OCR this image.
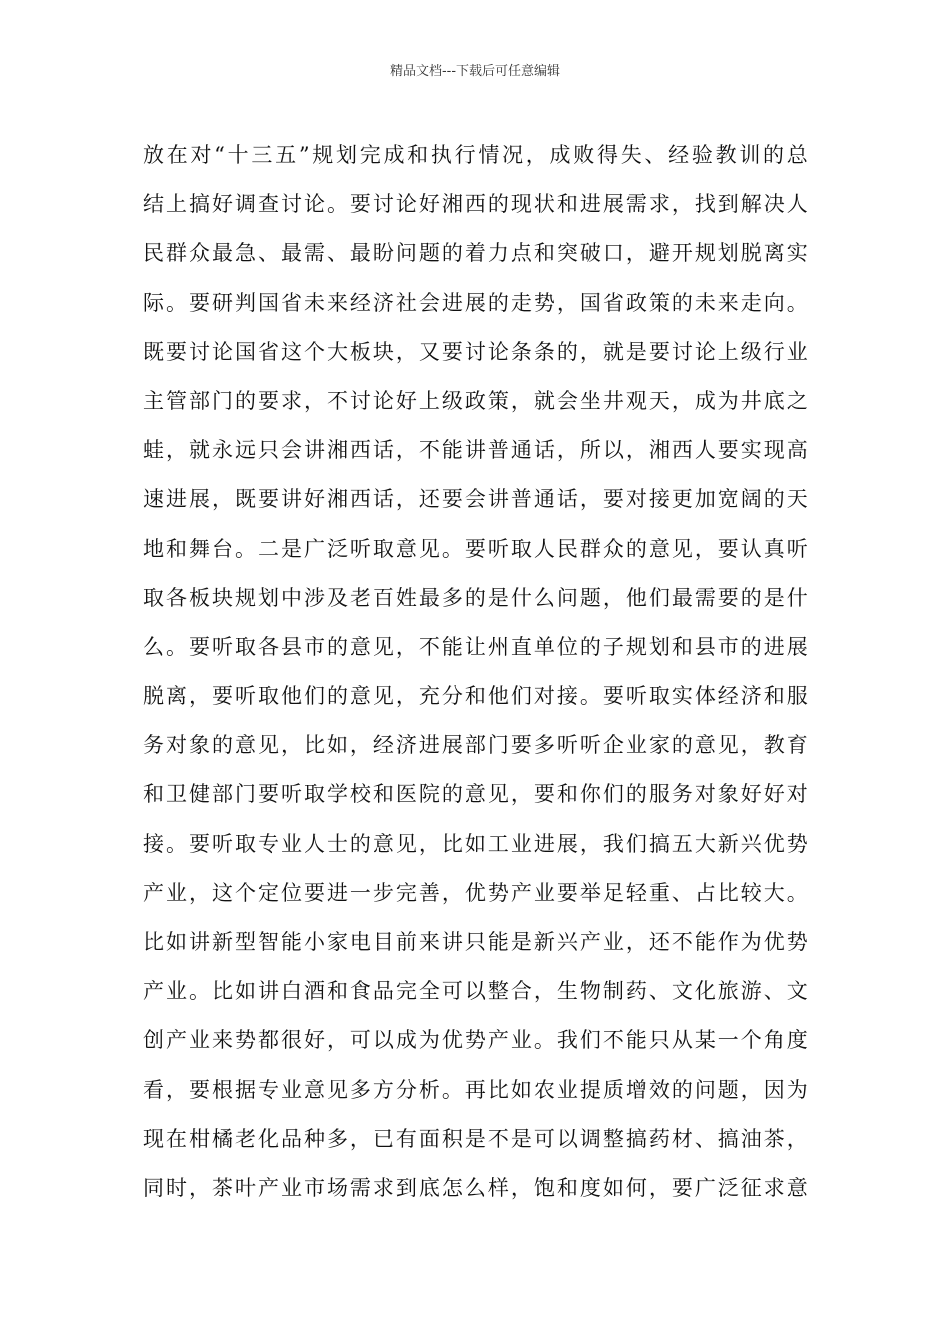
精品文档---下载后可任意编辑
放在对“十三五”规划完成和执行情况，成败得失、经验教训的总
结上搞好调查讨论。要讨论好湘西的现状和进展需求，找到解决人
民群众最急、最需、最盼问题的着力点和突破口，避开规划脱离实
际。要研判国省未来经济社会进展的走势，国省政策的未来走向。
既要讨论国省这个大板块，又要讨论条条的，就是要讨论上级行业
主管部门的要求，不讨论好上级政策，就会坐井观天，成为井底之
蛙，就永远只会讲湘西话，不能讲普通话，所以，湘西人要实现高
速进展，既要讲好湘西话，还要会讲普通话，要对接更加宽阔的天
地和舞台。二是广泛听取意见。要听取人民群众的意见，要认真听
取各板块规划中涉及老百姓最多的是什么问题，他们最需要的是什
么。要听取各县市的意见，不能让州直单位的子规划和县市的进展
脱离，要听取他们的意见，充分和他们对接。要听取实体经济和服
务对象的意见，比如，经济进展部门要多听听企业家的意见，教育
和卫健部门要听取学校和医院的意见，要和你们的服务对象好好对
接。要听取专业人士的意见，比如工业进展，我们搞五大新兴优势
产业，这个定位要进一步完善，优势产业要举足轻重、占比较大。
比如讲新型智能小家电目前来讲只能是新兴产业，还不能作为优势
产业。比如讲白酒和食品完全可以整合，生物制药、文化旅游、文
创产业来势都很好，可以成为优势产业。我们不能只从某一个角度
看，要根据专业意见多方分析。再比如农业提质增效的问题，因为
现在柑橘老化品种多，已有面积是不是可以调整搞药材、搞油茶，
同时，茶叶产业市场需求到底怎么样，饱和度如何，要广泛征求意
